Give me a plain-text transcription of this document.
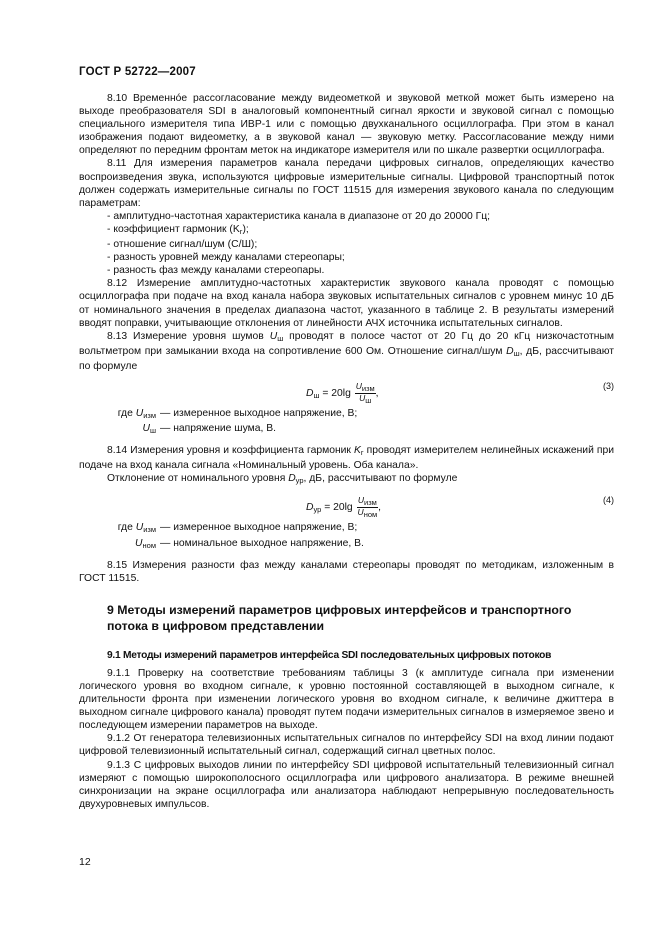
ГОСТ Р 52722—2007

8.10 Временнóе рассогласование между видеометкой и звуковой меткой может быть измерено на выходе преобразователя SDI в аналоговый компонентный сигнал яркости и звуковой сигнал с помощью специального измерителя типа ИВР-1 или с помощью двухканального осциллографа. При этом в канал изображения подают видеометку, а в звуковой канал — звуковую метку. Рассогласование между ними определяют по передним фронтам меток на индикаторе измерителя или по шкале развертки осциллографа.

8.11 Для измерения параметров канала передачи цифровых сигналов, определяющих качество воспроизведения звука, используются цифровые измерительные сигналы. Цифровой транспортный поток должен содержать измерительные сигналы по ГОСТ 11515 для измерения звукового канала по следующим параметрам:

- амплитудно-частотная характеристика канала в диапазоне от 20 до 20000 Гц;

- коэффициент гармоник $(K_г)$;

- отношение сигнал/шум (С/Ш);

- разность уровней между каналами стереопары;

- разность фаз между каналами стереопары.

8.12 Измерение амплитудно-частотных характеристик звукового канала проводят с помощью осциллографа при подаче на вход канала набора звуковых испытательных сигналов с уровнем минус 10 дБ от номинального значения в пределах диапазона частот, указанного в таблице 2. В результаты измерений вводят поправки, учитывающие отклонения от линейности АЧХ источника испытательных сигналов.

8.13 Измерение уровня шумов $U_ш$ проводят в полосе частот от 20 Гц до 20 кГц низкочастотным вольтметром при замыкании входа на сопротивление 600 Ом. Отношение сигнал/шум $D_ш$, дБ, рассчитывают по формуле

$D_ш = 20\lg \frac{U_{изм}}{U_ш}$ ,
(3)
где $U_{изм}$ — измеренное выходное напряжение, В;
$U_ш$ — напряжение шума, В.

8.14 Измерения уровня и коэффициента гармоник $K_г$ проводят измерителем нелинейных искажений при подаче на вход канала сигнала «Номинальный уровень. Оба канала».

Отклонение от номинального уровня $D_{ур}$, дБ, рассчитывают по формуле

$D_{ур} = 20\lg \frac{U_{изм}}{U_{ном}}$ ,
(4)
где $U_{изм}$ — измеренное выходное напряжение, В;
$U_{ном}$ — номинальное выходное напряжение, В.

8.15 Измерения разности фаз между каналами стереопары проводят по методикам, изложенным в ГОСТ 11515.

9 Методы измерений параметров цифровых интерфейсов и транспортного потока в цифровом представлении
9.1 Методы измерений параметров интерфейса SDI последовательных цифровых потоков

9.1.1 Проверку на соответствие требованиям таблицы 3 (к амплитуде сигнала при изменении логического уровня во входном сигнале, к уровню постоянной составляющей в выходном сигнале, к длительности фронта при изменении логического уровня во входном сигнале, к величине джиттера в выходном сигнале цифрового канала) проводят путем подачи измерительных сигналов в измеряемое звено и последующем измерении параметров на выходе.

9.1.2 От генератора телевизионных испытательных сигналов по интерфейсу SDI на вход линии подают цифровой телевизионный испытательный сигнал, содержащий сигнал цветных полос.

9.1.3 С цифровых выходов линии по интерфейсу SDI цифровой испытательный телевизионный сигнал измеряют с помощью широкополосного осциллографа или цифрового анализатора. В режиме внешней синхронизации на экране осциллографа или анализатора наблюдают непрерывную последовательность двухуровневых импульсов.

12
